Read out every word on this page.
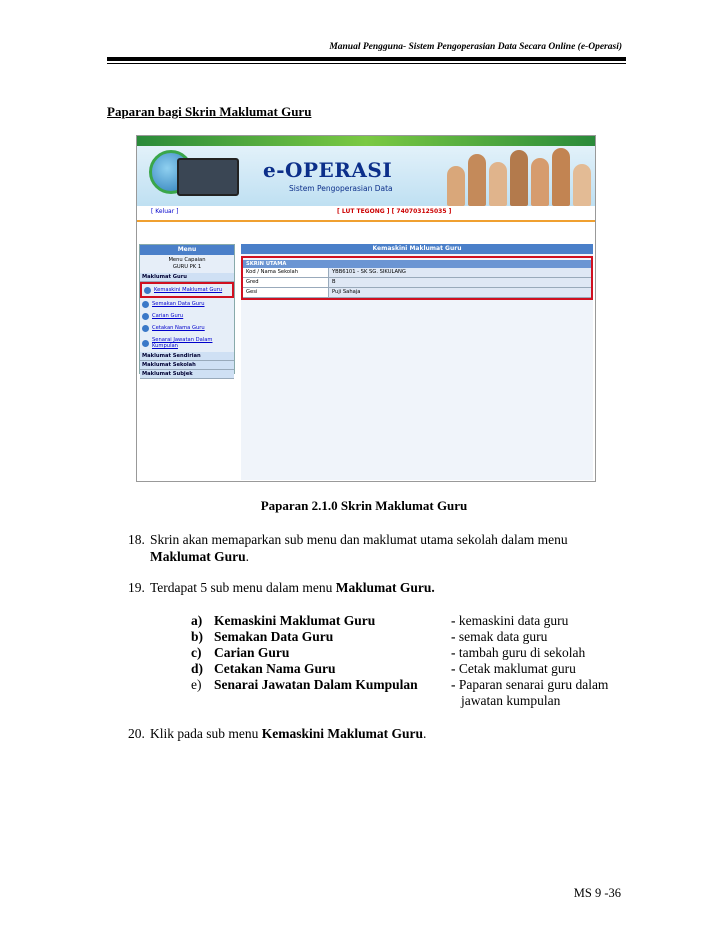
Manual Pengguna- Sistem Pengoperasian Data Secara Online (e-Operasi)
Paparan bagi Skrin Maklumat Guru
e-OPERASI
Sistem Pengoperasian Data
[ Keluar ]	[ LUT TEGONG ] [ 740703125035 ]
Menu
Menu Capaian
GURU PK 1
Maklumat Guru
Kemaskini Maklumat Guru
Semakan Data Guru
Carian Guru
Cetakan Nama Guru
Senarai Jawatan Dalam Kumpulan
Maklumat Sendirian
Maklumat Sekolah
Maklumat Subjek
Kemaskini Maklumat Guru
SKRIN UTAMA
Kod / Nama Sekolah	YBB6101 - SK SG. SIKULANG
Gred	B
Gesi	Puji Sahaja
Paparan 2.1.0 Skrin Maklumat Guru
18. Skrin akan memaparkan sub menu dan maklumat utama sekolah dalam menu
Maklumat Guru.
19. Terdapat 5 sub menu dalam menu Maklumat Guru.
a) Kemaskini Maklumat Guru	- kemaskini data guru
b) Semakan Data Guru	- semak data guru
c) Carian Guru	- tambah guru di sekolah
d) Cetakan Nama Guru	- Cetak maklumat guru
e) Senarai Jawatan Dalam Kumpulan - Paparan senarai guru dalam
jawatan kumpulan
20. Klik pada sub menu Kemaskini Maklumat Guru.
MS 9 -36
